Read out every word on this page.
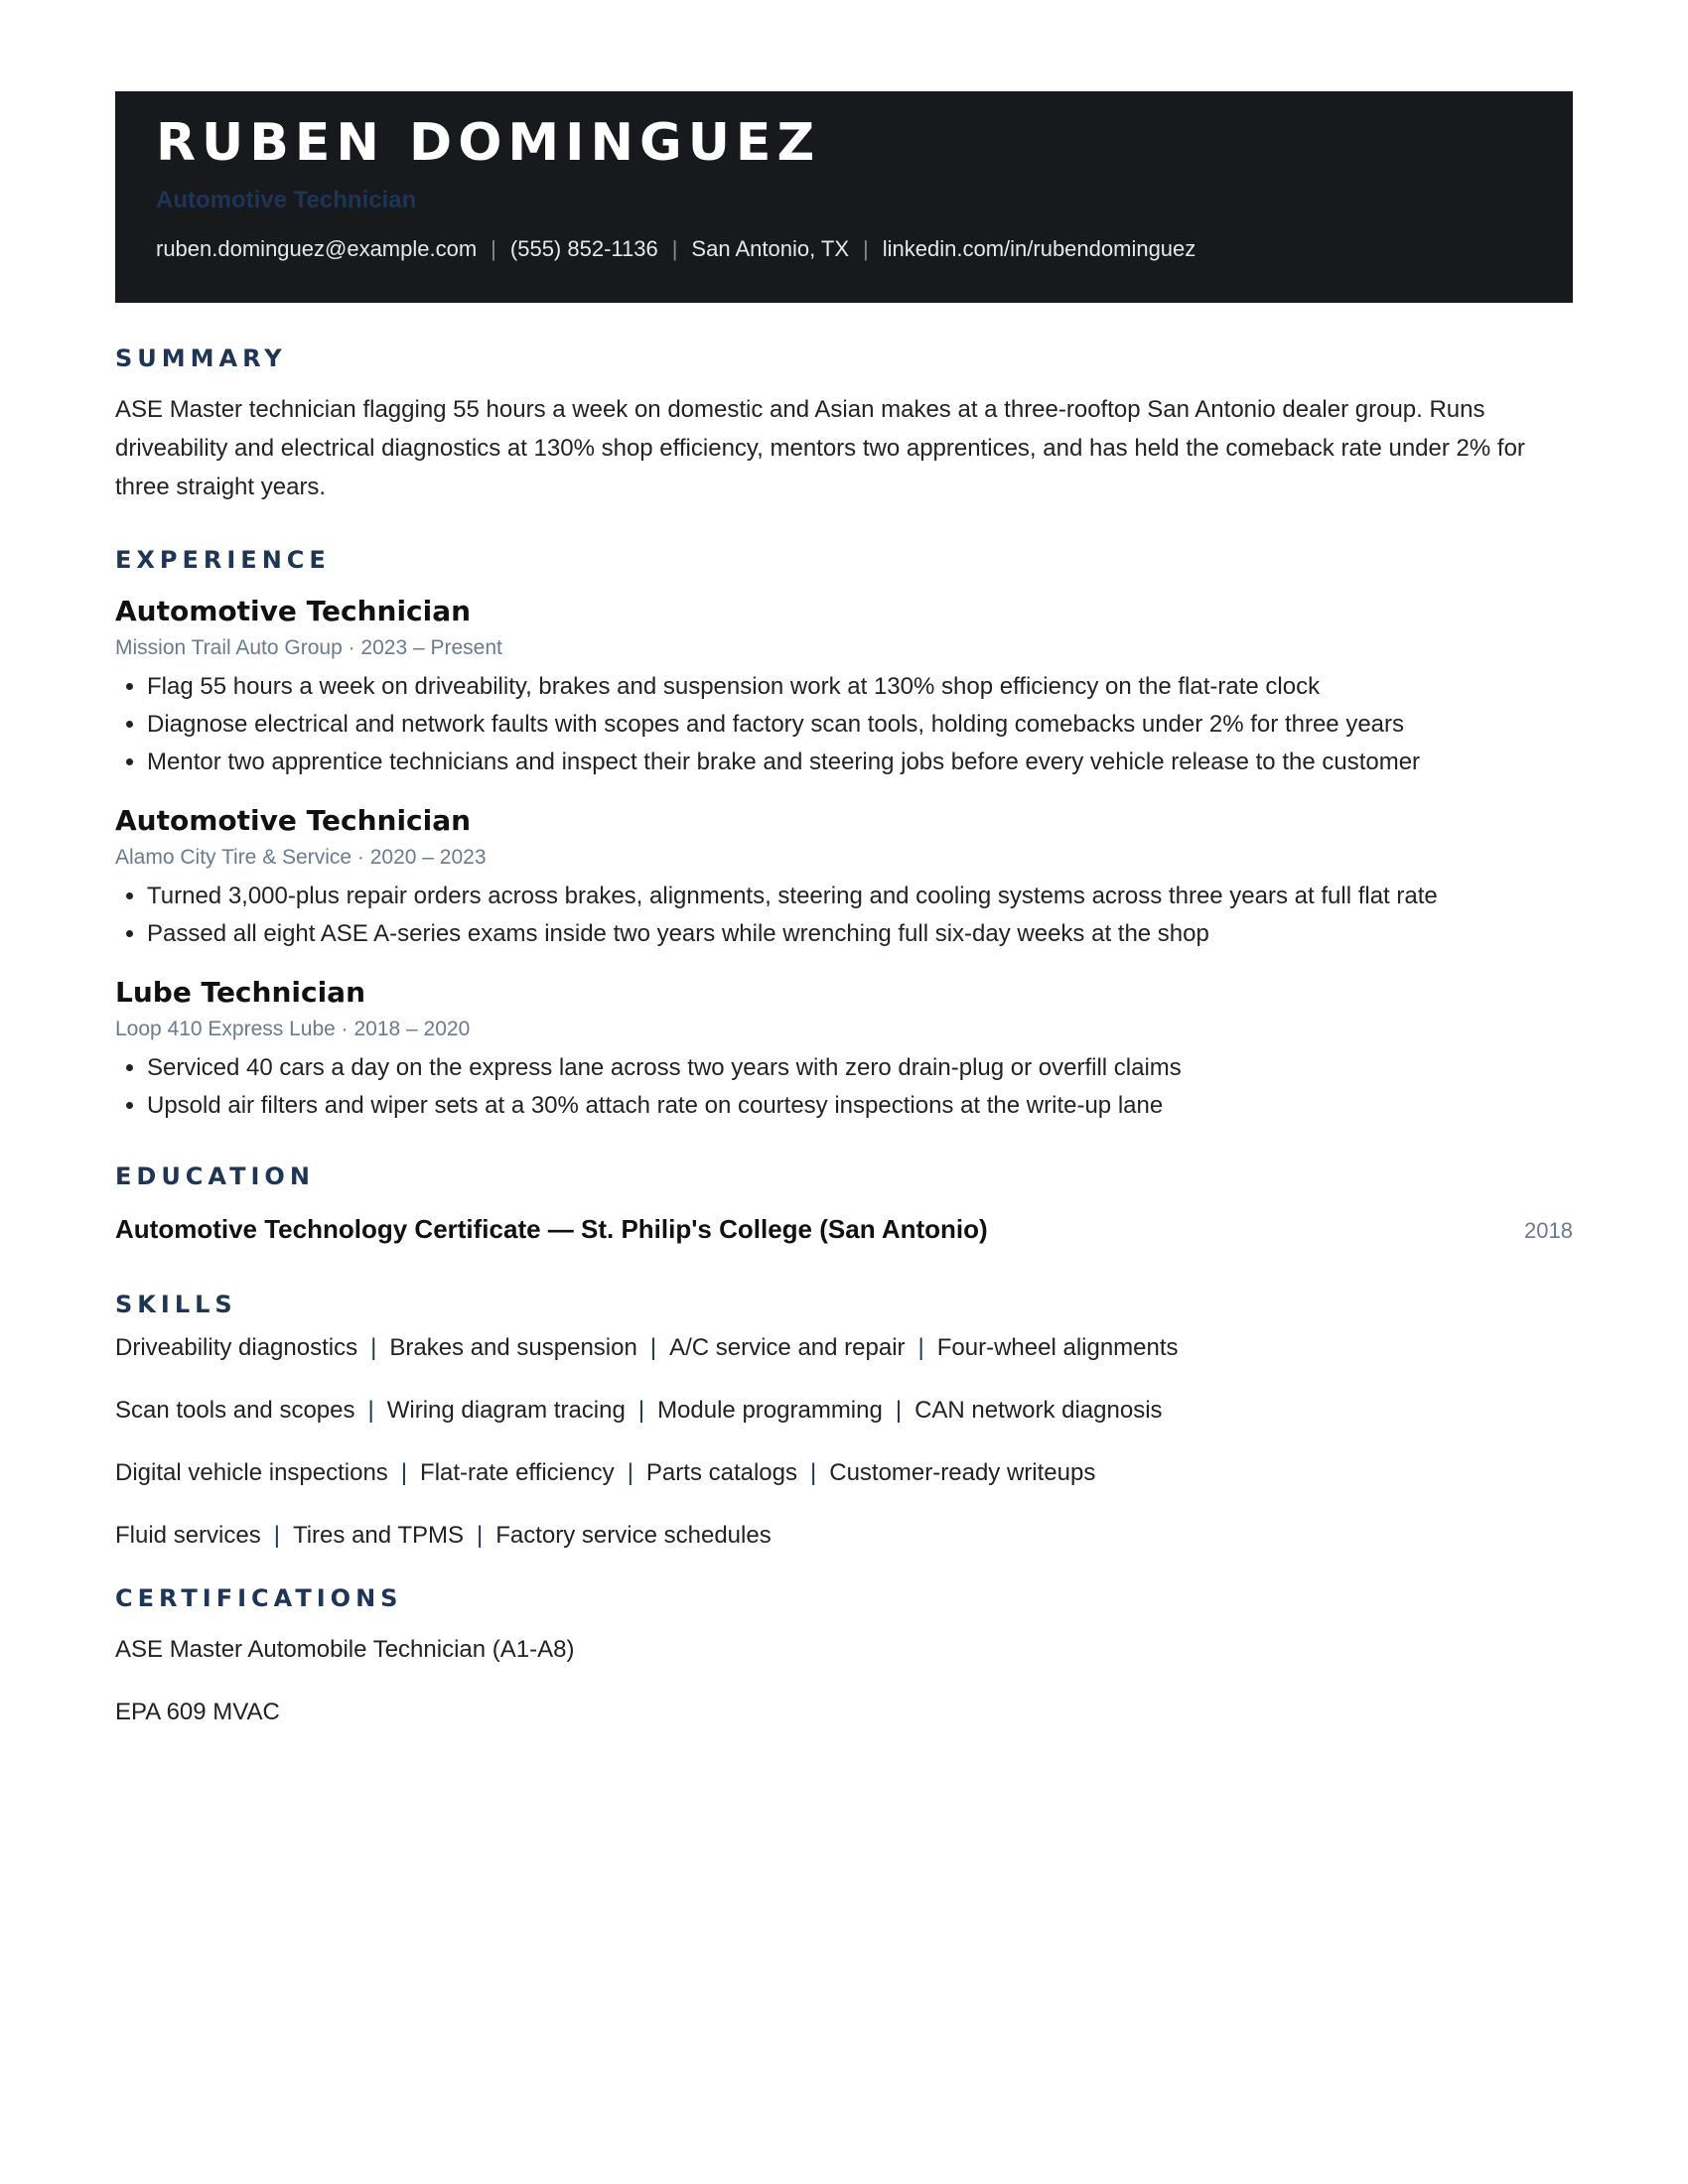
RUBEN DOMINGUEZ
Automotive Technician
ruben.dominguez@example.com | (555) 852-1136 | San Antonio, TX | linkedin.com/in/rubendominguez
SUMMARY
ASE Master technician flagging 55 hours a week on domestic and Asian makes at a three-rooftop San Antonio dealer group. Runs driveability and electrical diagnostics at 130% shop efficiency, mentors two apprentices, and has held the comeback rate under 2% for three straight years.
EXPERIENCE
Automotive Technician
Mission Trail Auto Group · 2023 – Present
• Flag 55 hours a week on driveability, brakes and suspension work at 130% shop efficiency on the flat-rate clock
• Diagnose electrical and network faults with scopes and factory scan tools, holding comebacks under 2% for three years
• Mentor two apprentice technicians and inspect their brake and steering jobs before every vehicle release to the customer
Automotive Technician
Alamo City Tire & Service · 2020 – 2023
• Turned 3,000-plus repair orders across brakes, alignments, steering and cooling systems across three years at full flat rate
• Passed all eight ASE A-series exams inside two years while wrenching full six-day weeks at the shop
Lube Technician
Loop 410 Express Lube · 2018 – 2020
• Serviced 40 cars a day on the express lane across two years with zero drain-plug or overfill claims
• Upsold air filters and wiper sets at a 30% attach rate on courtesy inspections at the write-up lane
EDUCATION
Automotive Technology Certificate — St. Philip's College (San Antonio)	2018
SKILLS
Driveability diagnostics | Brakes and suspension | A/C service and repair | Four-wheel alignments
Scan tools and scopes | Wiring diagram tracing | Module programming | CAN network diagnosis
Digital vehicle inspections | Flat-rate efficiency | Parts catalogs | Customer-ready writeups
Fluid services | Tires and TPMS | Factory service schedules
CERTIFICATIONS
ASE Master Automobile Technician (A1-A8)
EPA 609 MVAC
